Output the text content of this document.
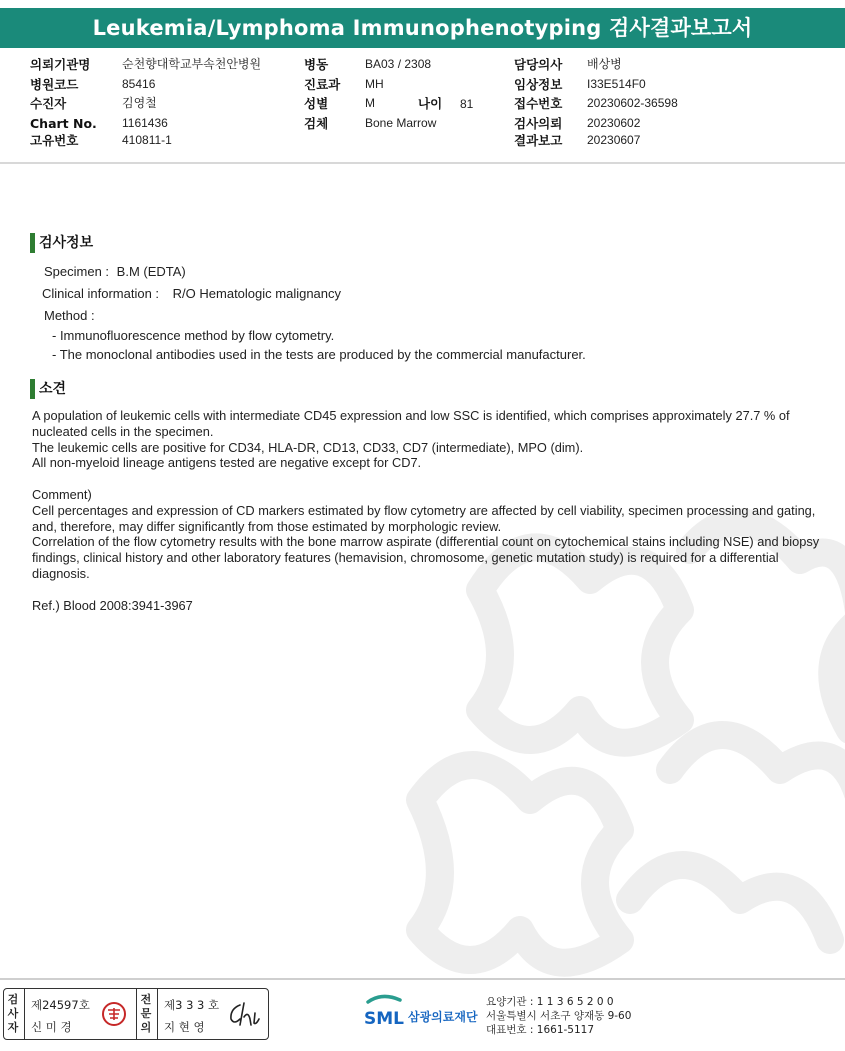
Leukemia/Lymphoma Immunophenotyping 검사결과보고서
의뢰기관명
병원코드
수진자
Chart No.
고유번호
순천향대학교부속천안병원
85416
김영철
1161436
410811-1
병동
진료과
성별
검체
BA03 / 2308
MH
M
Bone Marrow
나이 81
담당의사
임상정보
접수번호
검사의뢰
결과보고
배상병
I33E514F0
20230602-36598
20230602
20230607
검사정보
Specimen : B.M (EDTA)
Clinical information : R/O Hematologic malignancy
Method :
- Immunofluorescence method by flow cytometry.
- The monoclonal antibodies used in the tests are produced by the commercial manufacturer.
소견
A population of leukemic cells with intermediate CD45 expression and low SSC is identified, which comprises approximately 27.7 % of nucleated cells in the specimen.
The leukemic cells are positive for CD34, HLA-DR, CD13, CD33, CD7 (intermediate), MPO (dim).
All non-myeloid lineage antigens tested are negative except for CD7.
Comment)
Cell percentages and expression of CD markers estimated by flow cytometry are affected by cell viability, specimen processing and gating, and, therefore, may differ significantly from those estimated by morphologic review.
Correlation of the flow cytometry results with the bone marrow aspirate (differential count on cytochemical stains including NSE) and biopsy findings, clinical history and other laboratory features (hemavision, chromosome, genetic mutation study) is required for a differential diagnosis.
Ref.) Blood 2008:3941-3967
검
사
자
제24597호
신 미 경
전
문
의
제3 3 3 호
지 현 영	SML 삼광의료재단
요양기관 : 1 1 3 6 5 2 0 0
서울특별시 서초구 양재동 9-60
대표번호 : 1661-5117
